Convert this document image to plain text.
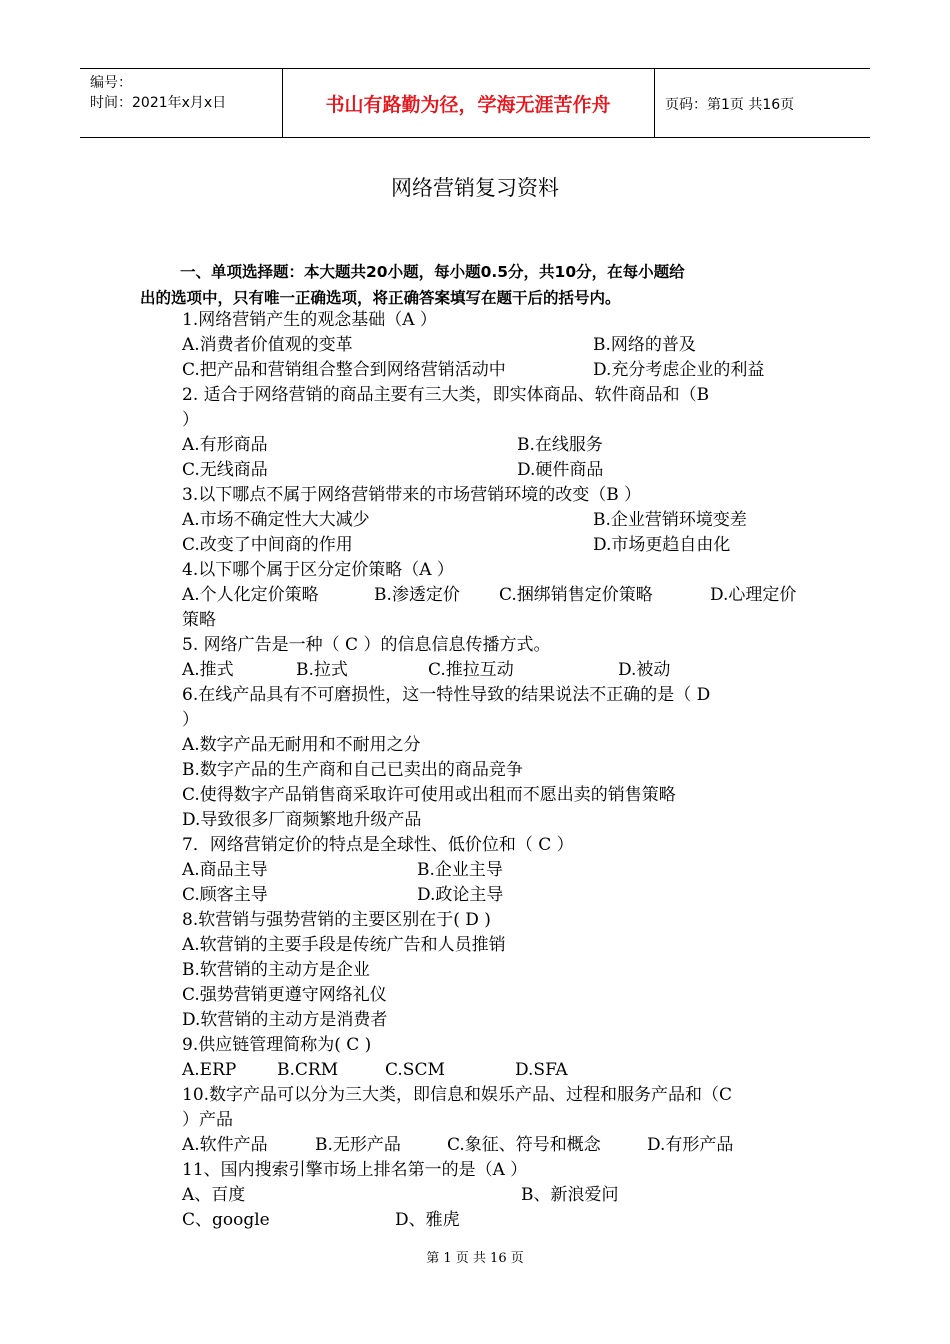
编号：
时间：2021年x月x日	书山有路勤为径，学海无涯苦作舟	页码：第1页 共16页
网络营销复习资料
一、单项选择题：本大题共20小题，每小题0.5分，共10分，在每小题给
出的选项中，只有唯一正确选项，将正确答案填写在题干后的括号内。
1.网络营销产生的观念基础（A ）
A.消费者价值观的变革	B.网络的普及
C.把产品和营销组合整合到网络营销活动中	D.充分考虑企业的利益
2. 适合于网络营销的商品主要有三大类，即实体商品、软件商品和（B
）
A.有形商品	B.在线服务
C.无线商品	D.硬件商品
3.以下哪点不属于网络营销带来的市场营销环境的改变（B ）
A.市场不确定性大大减少	B.企业营销环境变差
C.改变了中间商的作用	D.市场更趋自由化
4.以下哪个属于区分定价策略（A ）
A.个人化定价策略	B.渗透定价 C.捆绑销售定价策略	D.心理定价
策略
5. 网络广告是一种（ C ）的信息信息传播方式。
A.推式	B.拉式	C.推拉互动	D.被动
6.在线产品具有不可磨损性，这一特性导致的结果说法不正确的是（ D
）
A.数字产品无耐用和不耐用之分
B.数字产品的生产商和自己已卖出的商品竞争
C.使得数字产品销售商采取许可使用或出租而不愿出卖的销售策略
D.导致很多厂商频繁地升级产品
7．网络营销定价的特点是全球性、低价位和（ C ）
A.商品主导	B.企业主导
C.顾客主导	D.政论主导
8.软营销与强势营销的主要区别在于( D )
A.软营销的主要手段是传统广告和人员推销
B.软营销的主动方是企业
C.强势营销更遵守网络礼仪
D.软营销的主动方是消费者
9.供应链管理简称为( C )
A.ERP B.CRM	C.SCM	D.SFA
10.数字产品可以分为三大类，即信息和娱乐产品、过程和服务产品和（C
）产品
A.软件产品	B.无形产品	C.象征、符号和概念	D.有形产品
11、国内搜索引擎市场上排名第一的是（A ）
A、百度	B、新浪爱问
C、google	D、雅虎
第 1 页 共 16 页
